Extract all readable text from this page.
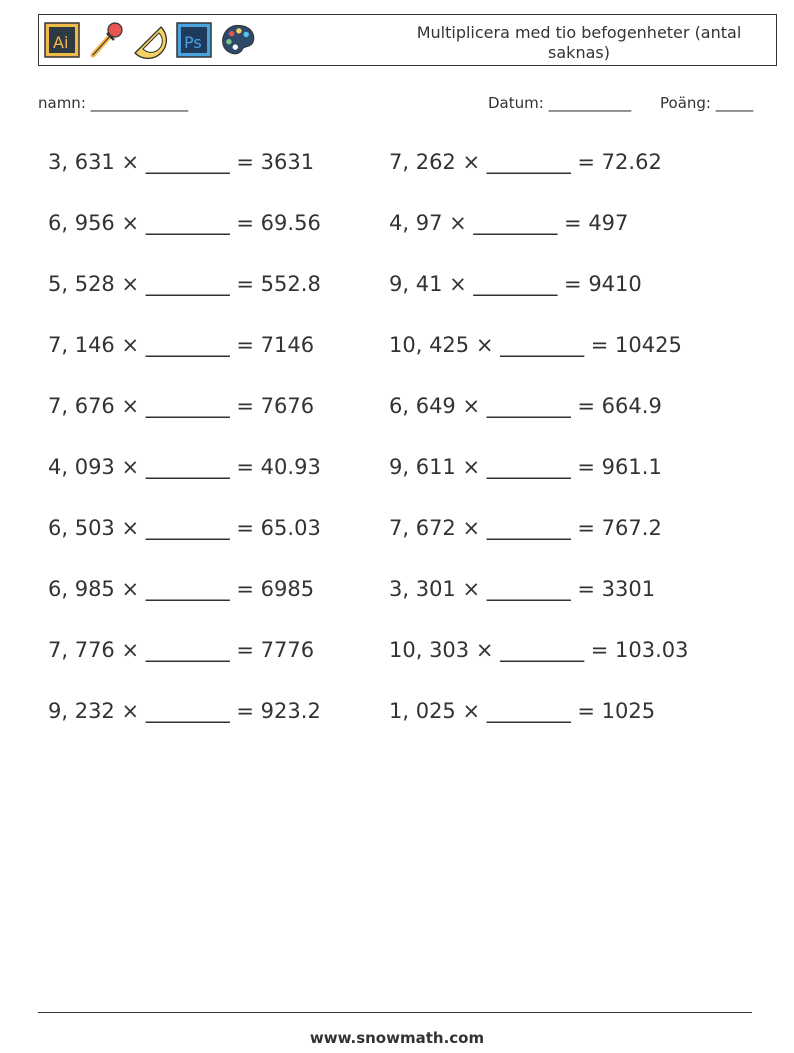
Ai	Ps
Multiplicera med tio befogenheter (antal saknas)
namn: _____________	Datum: ___________ Poäng: _____
3, 631 × ________ = 3631
6, 956 × ________ = 69.56
5, 528 × ________ = 552.8
7, 146 × ________ = 7146
7, 676 × ________ = 7676
4, 093 × ________ = 40.93
6, 503 × ________ = 65.03
6, 985 × ________ = 6985
7, 776 × ________ = 7776
9, 232 × ________ = 923.2
7, 262 × ________ = 72.62
4, 97 × ________ = 497
9, 41 × ________ = 9410
10, 425 × ________ = 10425
6, 649 × ________ = 664.9
9, 611 × ________ = 961.1
7, 672 × ________ = 767.2
3, 301 × ________ = 3301
10, 303 × ________ = 103.03
1, 025 × ________ = 1025
www.snowmath.com
